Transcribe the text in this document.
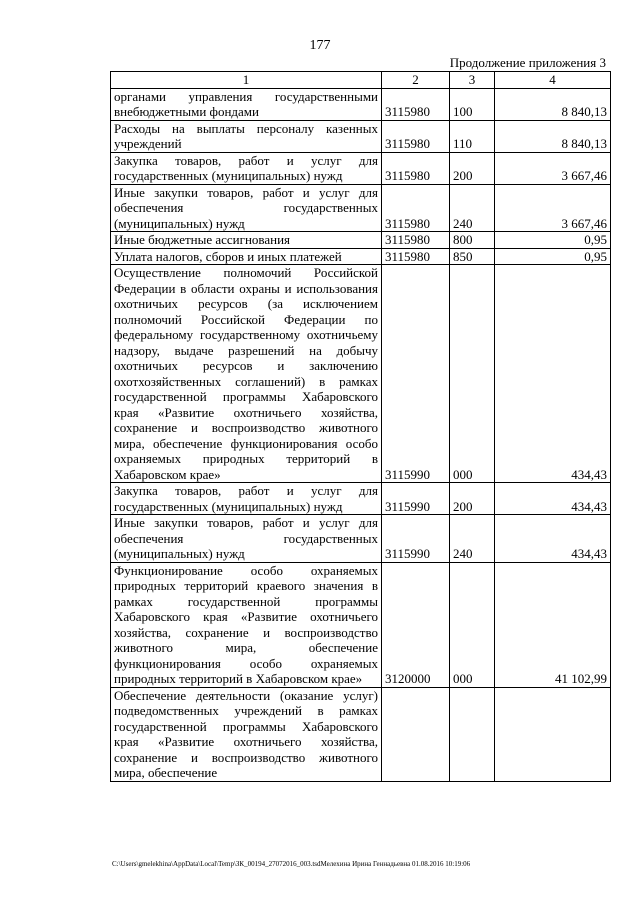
177
Продолжение приложения 3
1	2	3	4
органами управления государственными внебюджетными фондами	3115980	100	8 840,13
Расходы на выплаты персоналу казенных учреждений	3115980	110	8 840,13
Закупка товаров, работ и услуг для государственных (муниципальных) нужд	3115980	200	3 667,46
Иные закупки товаров, работ и услуг для обеспечения государственных (муниципальных) нужд	3115980	240	3 667,46
Иные бюджетные ассигнования	3115980	800	0,95
Уплата налогов, сборов и иных платежей	3115980	850	0,95
Осуществление полномочий Российской Федерации в области охраны и использования охотничьих ресурсов (за исключением полномочий Российской Федерации по федеральному государственному охотничьему надзору, выдаче разрешений на добычу охотничьих ресурсов и заключению охотхозяйственных соглашений) в рамках государственной программы Хабаровского края «Развитие охотничьего хозяйства, сохранение и воспроизводство животного мира, обеспечение функционирования особо охраняемых природных территорий в Хабаровском крае»	3115990	000	434,43
Закупка товаров, работ и услуг для государственных (муниципальных) нужд	3115990	200	434,43
Иные закупки товаров, работ и услуг для обеспечения государственных (муниципальных) нужд	3115990	240	434,43
Функционирование особо охраняемых природных территорий краевого значения в рамках государственной программы Хабаровского края «Развитие охотничьего хозяйства, сохранение и воспроизводство животного мира, обеспечение функционирования особо охраняемых природных территорий в Хабаровском крае»	3120000	000	41 102,99
Обеспечение деятельности (оказание услуг) подведомственных учреждений в рамках государственной программы Хабаровского края «Развитие охотничьего хозяйства, сохранение и воспроизводство животного мира, обеспечение			
C:\Users\gmelekhina\AppData\Local\Temp\ЗК_00194_27072016_003.tsdМелехина Ирина Геннадьевна 01.08.2016 10:19:06
